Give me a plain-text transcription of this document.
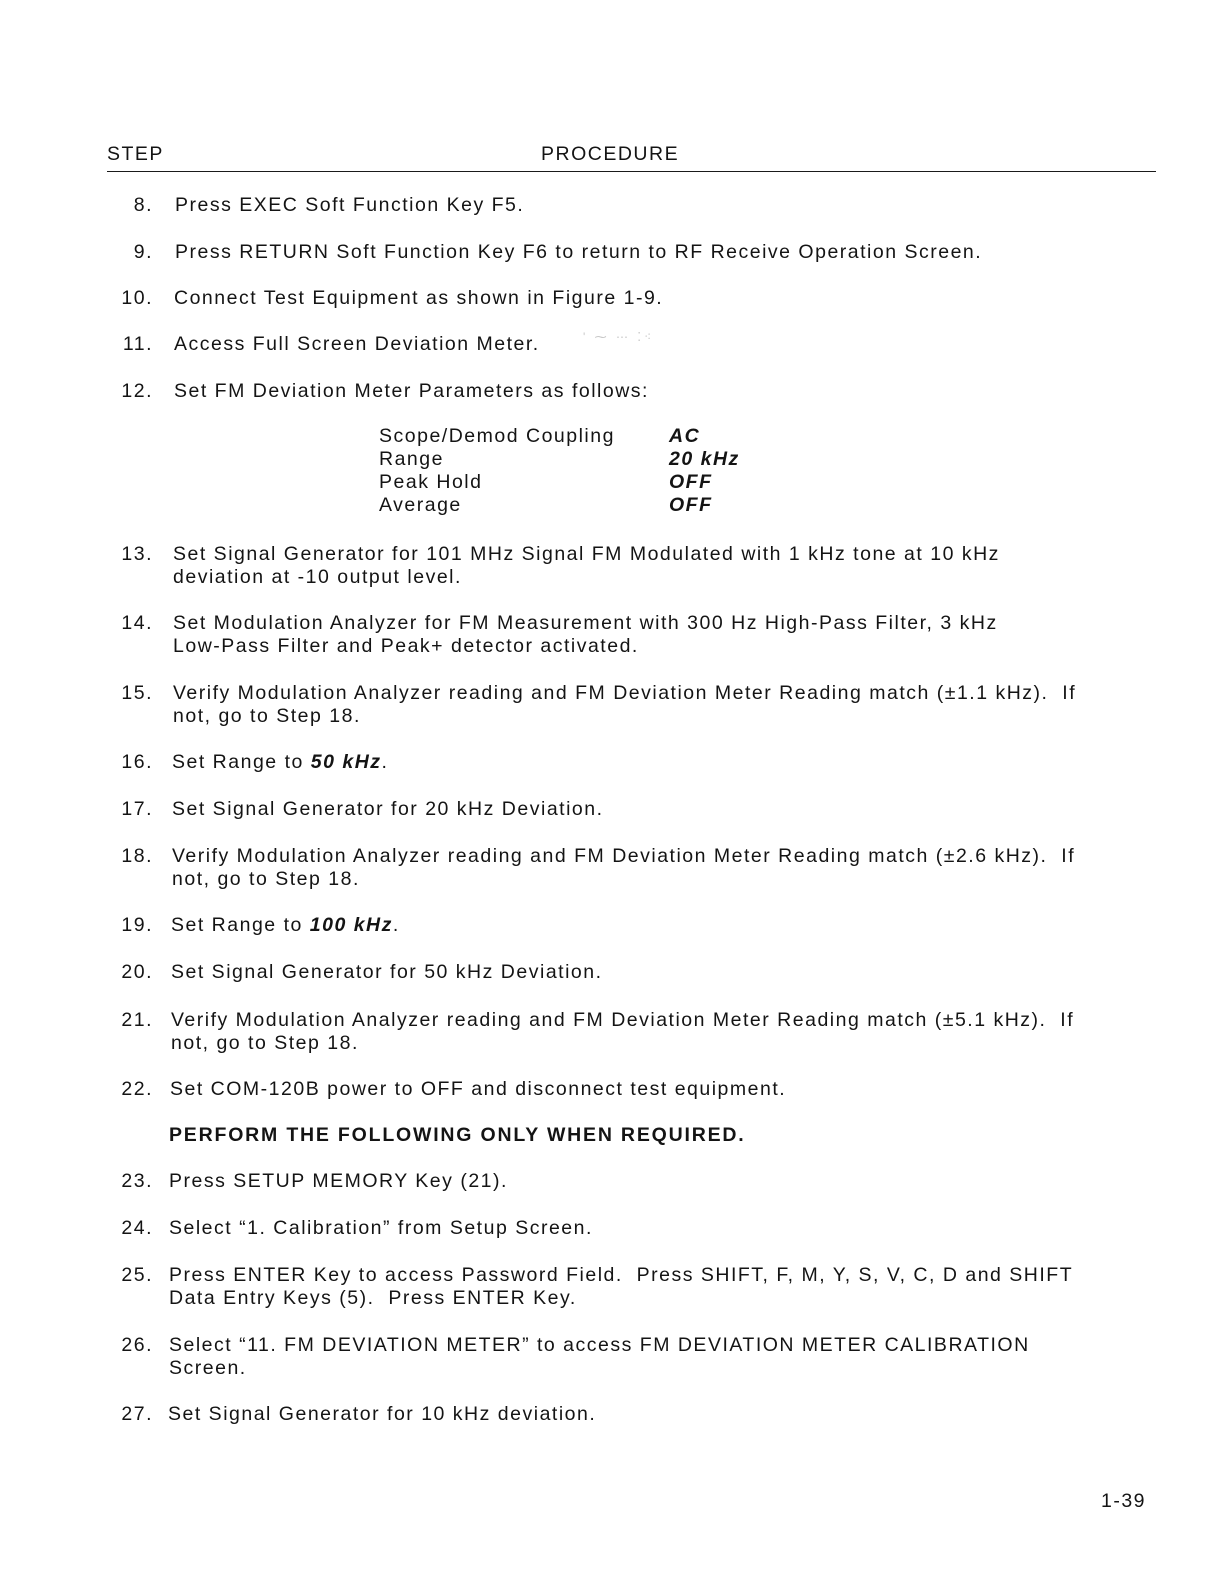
STEP	PROCEDURE
8. Press EXEC Soft Function Key F5.
9. Press RETURN Soft Function Key F6 to return to RF Receive Operation Screen.
10. Connect Test Equipment as shown in Figure 1-9.
11. Access Full Screen Deviation Meter.	' ⁓ ⋯ ⁚⁖
12. Set FM Deviation Meter Parameters as follows:
Scope/Demod Coupling	AC
Range	20 kHz
Peak Hold	OFF
Average	OFF
13. Set Signal Generator for 101 MHz Signal FM Modulated with 1 kHz tone at 10 kHz
deviation at -10 output level.
14. Set Modulation Analyzer for FM Measurement with 300 Hz High-Pass Filter, 3 kHz
Low-Pass Filter and Peak+ detector activated.
15. Verify Modulation Analyzer reading and FM Deviation Meter Reading match (±1.1 kHz).  If
not, go to Step 18.
16. Set Range to 50 kHz.
17. Set Signal Generator for 20 kHz Deviation.
18. Verify Modulation Analyzer reading and FM Deviation Meter Reading match (±2.6 kHz).  If
not, go to Step 18.
19. Set Range to 100 kHz.
20. Set Signal Generator for 50 kHz Deviation.
21. Verify Modulation Analyzer reading and FM Deviation Meter Reading match (±5.1 kHz).  If
not, go to Step 18.
22. Set COM-120B power to OFF and disconnect test equipment.
PERFORM THE FOLLOWING ONLY WHEN REQUIRED.
23. Press SETUP MEMORY Key (21).
24. Select “1. Calibration” from Setup Screen.
25. Press ENTER Key to access Password Field.  Press SHIFT, F, M, Y, S, V, C, D and SHIFT
Data Entry Keys (5).  Press ENTER Key.
26. Select “11. FM DEVIATION METER” to access FM DEVIATION METER CALIBRATION
Screen.
27. Set Signal Generator for 10 kHz deviation.
1-39
